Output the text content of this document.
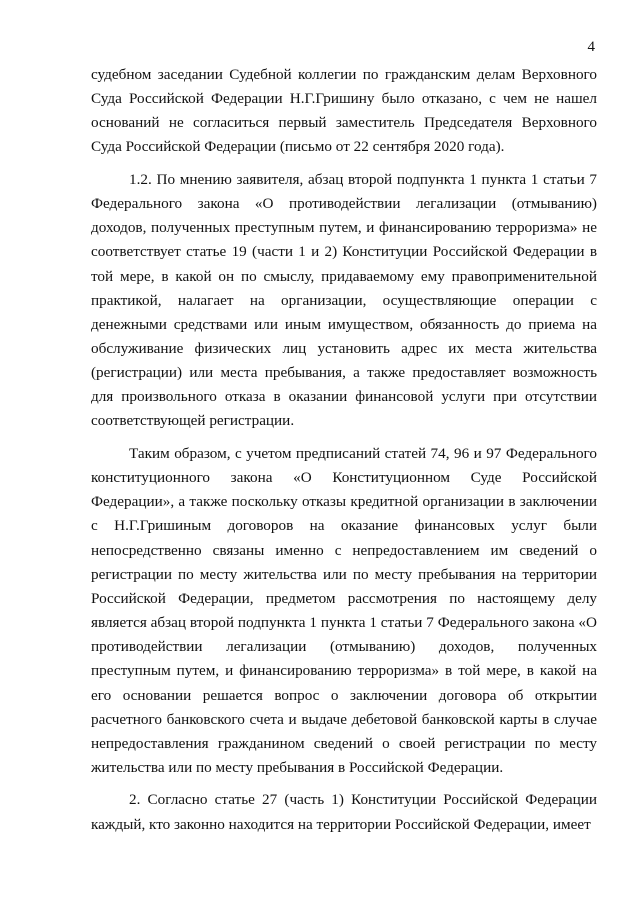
4

судебном заседании Судебной коллегии по гражданским делам Верховного Суда Российской Федерации Н.Г.Гришину было отказано, с чем не нашел оснований не согласиться первый заместитель Председателя Верховного Суда Российской Федерации (письмо от 22 сентября 2020 года).

1.2. По мнению заявителя, абзац второй подпункта 1 пункта 1 статьи 7 Федерального закона «О противодействии легализации (отмыванию) доходов, полученных преступным путем, и финансированию терроризма» не соответствует статье 19 (части 1 и 2) Конституции Российской Федерации в той мере, в какой он по смыслу, придаваемому ему правоприменительной практикой, налагает на организации, осуществляющие операции с денежными средствами или иным имуществом, обязанность до приема на обслуживание физических лиц установить адрес их места жительства (регистрации) или места пребывания, а также предоставляет возможность для произвольного отказа в оказании финансовой услуги при отсутствии соответствующей регистрации.

Таким образом, с учетом предписаний статей 74, 96 и 97 Федерального конституционного закона «О Конституционном Суде Российской Федерации», а также поскольку отказы кредитной организации в заключении с Н.Г.Гришиным договоров на оказание финансовых услуг были непосредственно связаны именно с непредоставлением им сведений о регистрации по месту жительства или по месту пребывания на территории Российской Федерации, предметом рассмотрения по настоящему делу является абзац второй подпункта 1 пункта 1 статьи 7 Федерального закона «О противодействии легализации (отмыванию) доходов, полученных преступным путем, и финансированию терроризма» в той мере, в какой на его основании решается вопрос о заключении договора об открытии расчетного банковского счета и выдаче дебетовой банковской карты в случае непредоставления гражданином сведений о своей регистрации по месту жительства или по месту пребывания в Российской Федерации.

2. Согласно статье 27 (часть 1) Конституции Российской Федерации каждый, кто законно находится на территории Российской Федерации, имеет
